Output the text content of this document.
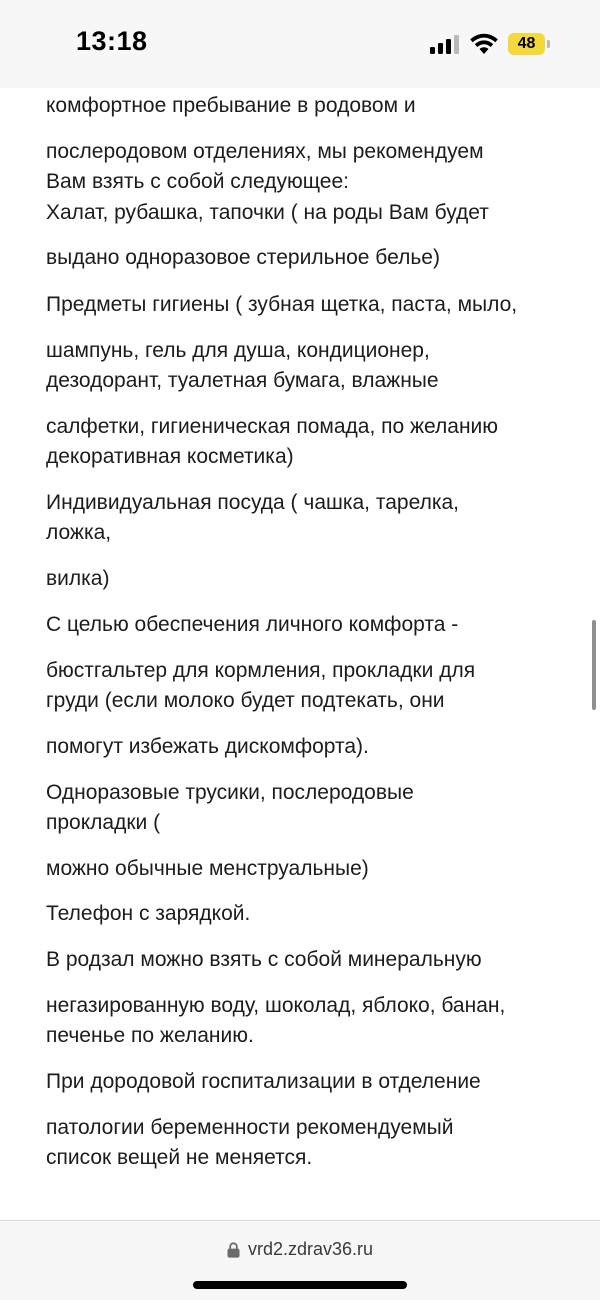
комфортное пребывание в родовом и
послеродовом отделениях, мы рекомендуем
Вам взять с собой следующее:
Халат, рубашка, тапочки ( на роды Вам будет
выдано одноразовое стерильное белье)
Предметы гигиены ( зубная щетка, паста, мыло,
шампунь, гель для душа, кондиционер,
дезодорант, туалетная бумага, влажные
салфетки, гигиеническая помада, по желанию
декоративная косметика)
Индивидуальная посуда ( чашка, тарелка,
ложка,
вилка)
С целью обеспечения личного комфорта -
бюстгальтер для кормления, прокладки для
груди (если молоко будет подтекать, они
помогут избежать дискомфорта).
Одноразовые трусики, послеродовые
прокладки (
можно обычные менструальные)
Телефон с зарядкой.
В родзал можно взять с собой минеральную
негазированную воду, шоколад, яблоко, банан,
печенье по желанию.
При дородовой госпитализации в отделение
патологии беременности рекомендуемый
список вещей не меняется.
13:18	48
vrd2.zdrav36.ru
